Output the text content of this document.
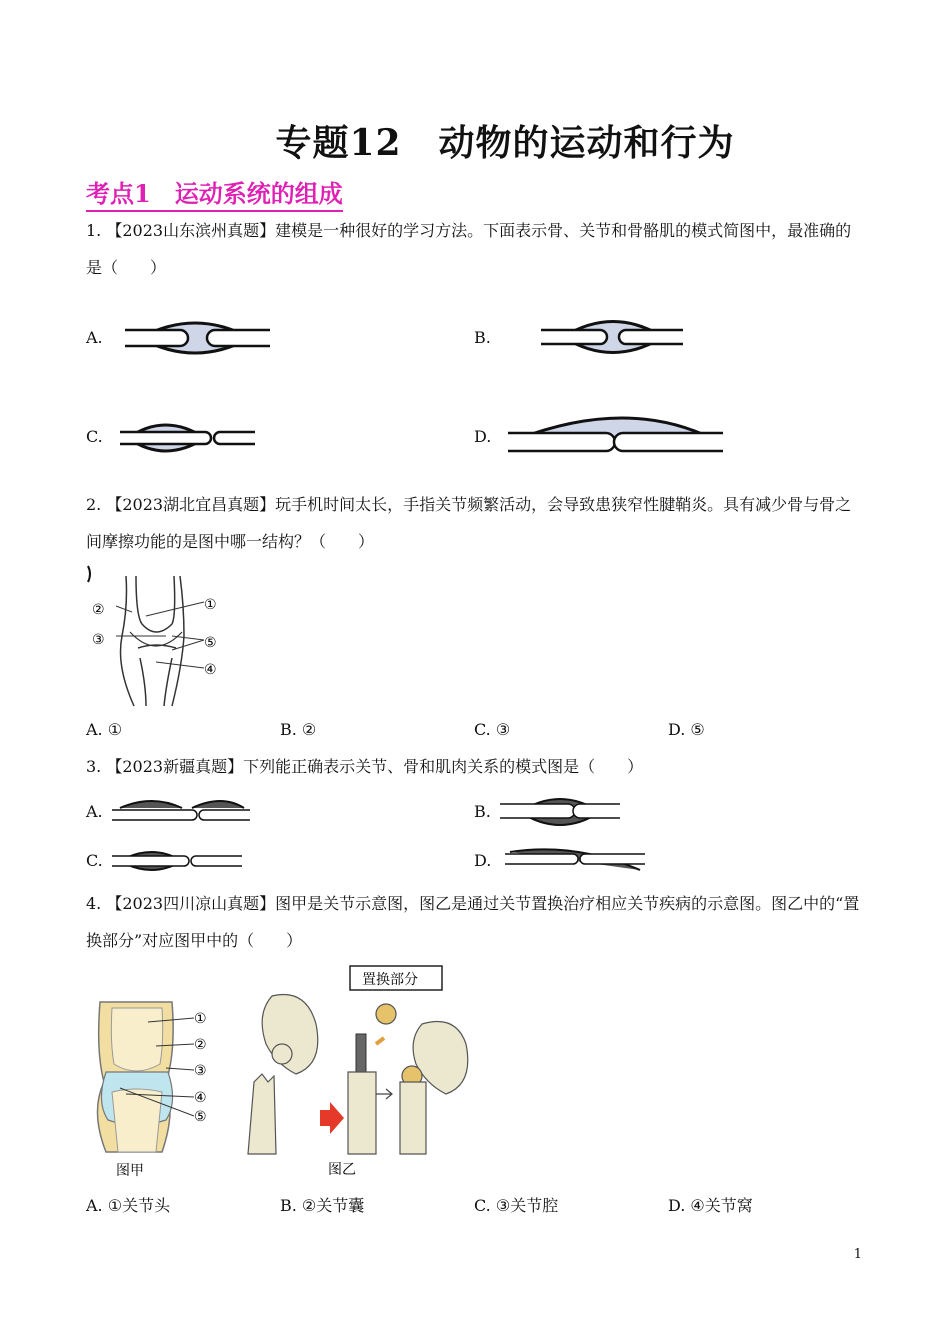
专题12　动物的运动和行为
考点1　运动系统的组成
1. 【2023山东滨州真题】建模是一种很好的学习方法。下面表示骨、关节和骨骼肌的模式简图中，最准确的是（　　）
A.	B.
C.	D.
2. 【2023湖北宜昌真题】玩手机时间太长，手指关节频繁活动，会导致患狭窄性腱鞘炎。具有减少骨与骨之间摩擦功能的是图中哪一结构？（　　）
①
②
③	⑤
④
A. ①	B. ②	C. ③	D. ⑤
3. 【2023新疆真题】下列能正确表示关节、骨和肌肉关系的模式图是（　　）
A.	B.
C.	D.
4. 【2023四川凉山真题】图甲是关节示意图，图乙是通过关节置换治疗相应关节疾病的示意图。图乙中的“置换部分”对应图甲中的（　　）
①
②
③
④
⑤
图甲
置换部分
图乙
A. ①关节头	B. ②关节囊	C. ③关节腔	D. ④关节窝
1
